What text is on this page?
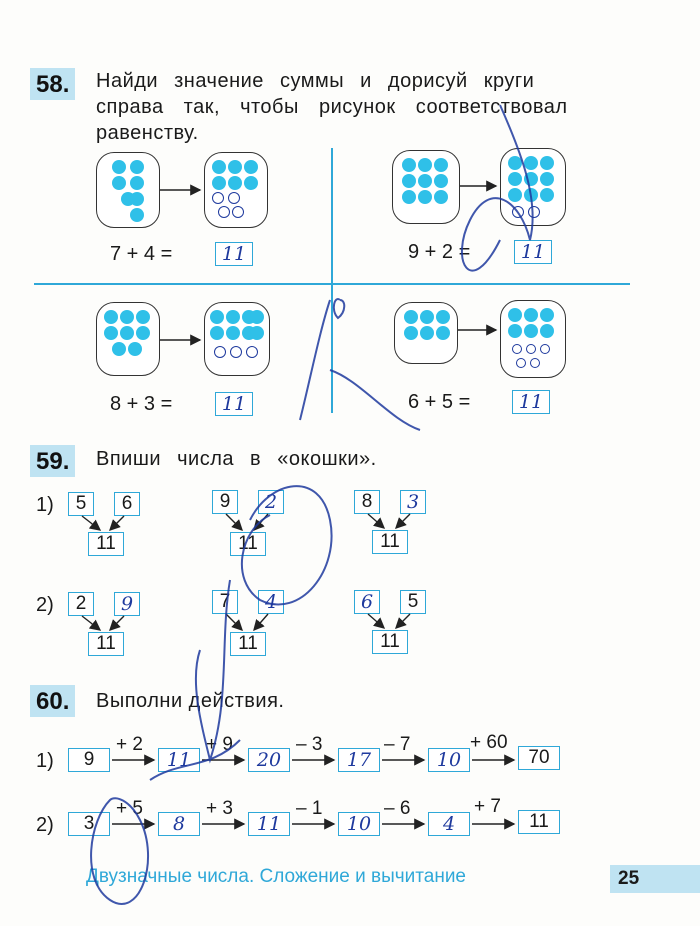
58.	Найди значение суммы и дорисуй круги
справа так, чтобы рисунок соответствовал
равенству.
7 + 4 =	11	9 + 2 =	11
8 + 3 =	11	6 + 5 =	11
59.	Впиши числа в «окошки».
1)	5	6
11
9	2
11
8	3
11
2)	2	9
11
7	4
11
6	5
11
60.	Выполни действия.
1)	9	11	20	17	10	70
+ 2	+ 9	– 3	– 7	+ 60
2)	3	8	11	10	4	11
+ 5	+ 3	– 1	– 6	+ 7
Двузначные числа. Сложение и вычитание	25
